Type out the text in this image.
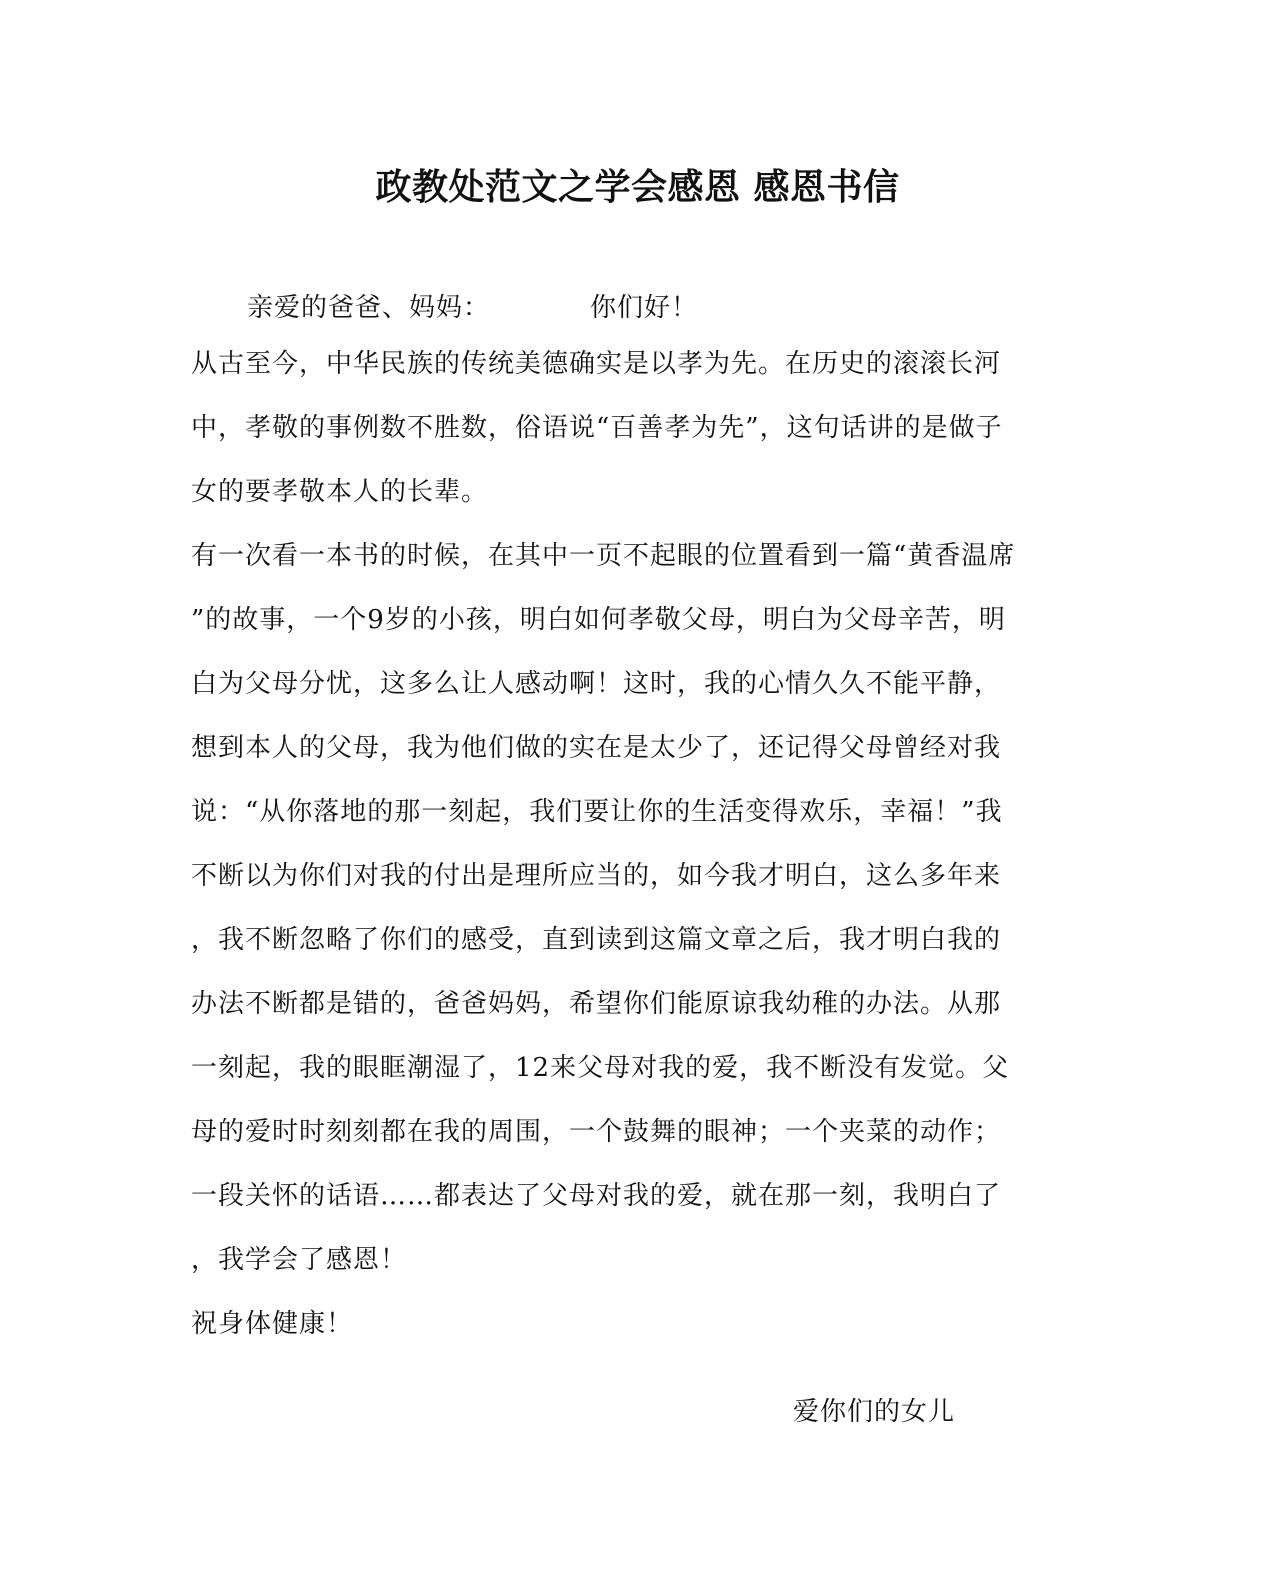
政教处范文之学会感恩 感恩书信
亲爱的爸爸、妈妈：	你们好！
从古至今，中华民族的传统美德确实是以孝为先。在历史的滚滚长河
中，孝敬的事例数不胜数，俗语说“百善孝为先”，这句话讲的是做子
女的要孝敬本人的长辈。
有一次看一本书的时候，在其中一页不起眼的位置看到一篇“黄香温席
”的故事，一个9岁的小孩，明白如何孝敬父母，明白为父母辛苦，明
白为父母分忧，这多么让人感动啊！这时，我的心情久久不能平静，
想到本人的父母，我为他们做的实在是太少了，还记得父母曾经对我
说：“从你落地的那一刻起，我们要让你的生活变得欢乐，幸福！”我
不断以为你们对我的付出是理所应当的，如今我才明白，这么多年来
，我不断忽略了你们的感受，直到读到这篇文章之后，我才明白我的
办法不断都是错的，爸爸妈妈，希望你们能原谅我幼稚的办法。从那
一刻起，我的眼眶潮湿了，12来父母对我的爱，我不断没有发觉。父
母的爱时时刻刻都在我的周围，一个鼓舞的眼神；一个夹菜的动作；
一段关怀的话语……都表达了父母对我的爱，就在那一刻，我明白了
，我学会了感恩！
祝身体健康！
爱你们的女儿
